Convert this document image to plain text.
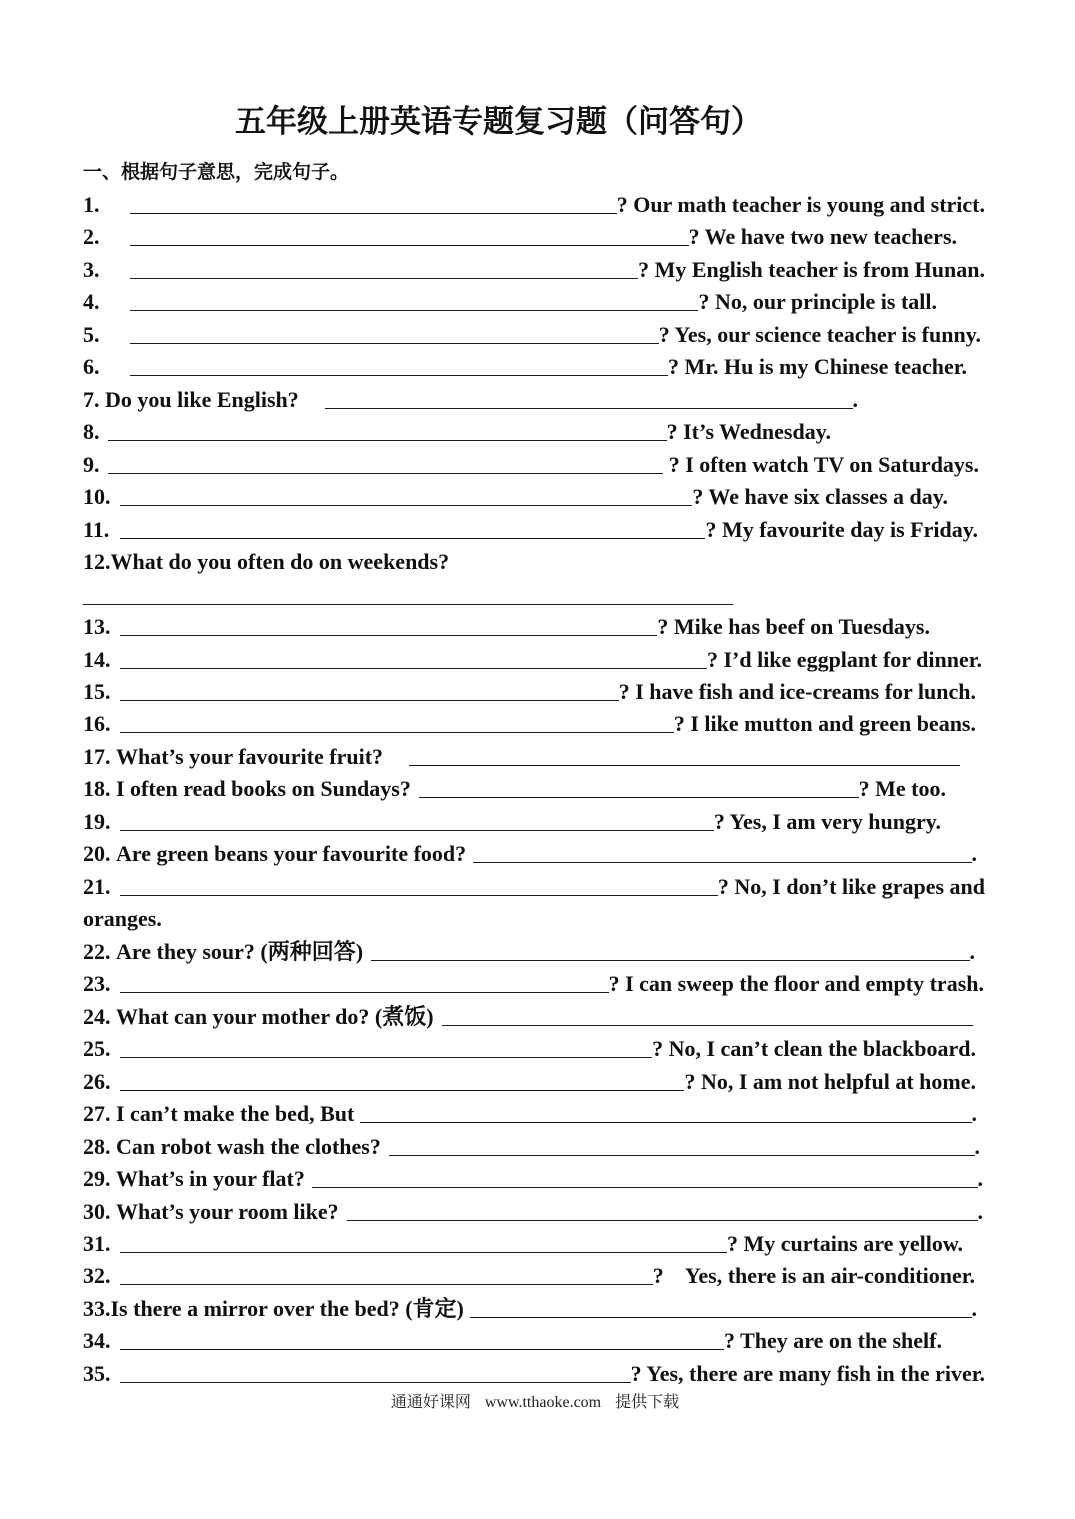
五年级上册英语专题复习题（问答句）
一、根据句子意思，完成句子。
1.	? Our math teacher is young and strict.
2.	? We have two new teachers.
3.	? My English teacher is from Hunan.
4.	? No, our principle is tall.
5.	? Yes, our science teacher is funny.
6.	? Mr. Hu is my Chinese teacher.
7. Do you like English?	.
8.	? It’s Wednesday.
9.	? I often watch TV on Saturdays.
10.	? We have six classes a day.
11.	? My favourite day is Friday.
12. What do you often do on weekends?
13.	? Mike has beef on Tuesdays.
14.	? I’d like eggplant for dinner.
15.	? I have fish and ice-creams for lunch.
16.	? I like mutton and green beans.
17. What’s your favourite fruit?
18. I often read books on Sundays?	? Me too.
19.	? Yes, I am very hungry.
20. Are green beans your favourite food?	.
21.	? No, I don’t like grapes and
oranges.
22. Are they sour? (两种回答)	.
23.	? I can sweep the floor and empty trash.
24. What can your mother do? (煮饭)
25.	? No, I can’t clean the blackboard.
26.	? No, I am not helpful at home.
27. I can’t make the bed, But	.
28. Can robot wash the clothes?	.
29. What’s in your flat?	.
30. What’s your room like?	.
31.	? My curtains are yellow.
32.	?    Yes, there is an air-conditioner.
33. Is there a mirror over the bed? (肯定)	.
34.	? They are on the shelf.
35.	? Yes, there are many fish in the river.
通通好课网 www.tthaoke.com 提供下载
